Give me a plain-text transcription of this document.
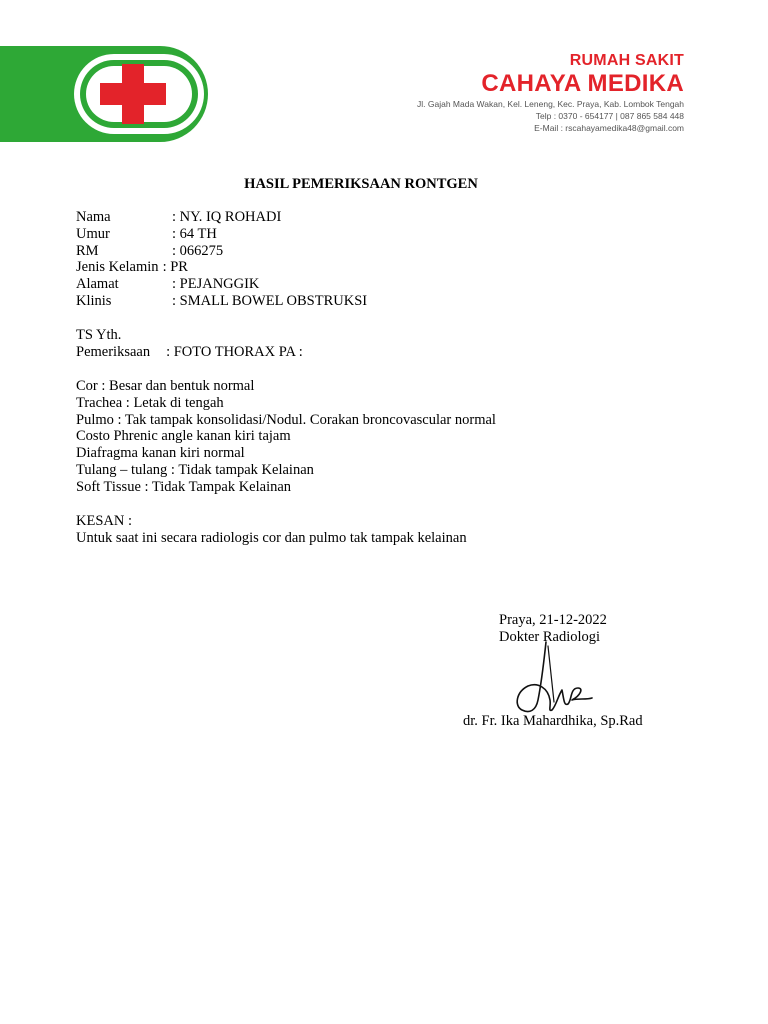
RUMAH SAKIT
CAHAYA MEDIKA
Jl. Gajah Mada Wakan, Kel. Leneng, Kec. Praya, Kab. Lombok Tengah
Telp : 0370 - 654177 | 087 865 584 448
E-Mail : rscahayamedika48@gmail.com
HASIL PEMERIKSAAN RONTGEN
Nama	: NY. IQ ROHADI
Umur	: 64 TH
RM	: 066275
Jenis Kelamin : PR
Alamat	: PEJANGGIK
Klinis	: SMALL BOWEL OBSTRUKSI
TS Yth.
Pemeriksaan : FOTO THORAX PA :
Cor : Besar dan bentuk normal
Trachea : Letak di tengah
Pulmo : Tak tampak konsolidasi/Nodul. Corakan broncovascular normal
Costo Phrenic angle kanan kiri tajam
Diafragma kanan kiri normal
Tulang – tulang : Tidak tampak Kelainan
Soft Tissue : Tidak Tampak Kelainan
KESAN :
Untuk saat ini secara radiologis cor dan pulmo tak tampak kelainan
Praya, 21-12-2022
Dokter Radiologi
dr. Fr. Ika Mahardhika, Sp.Rad
